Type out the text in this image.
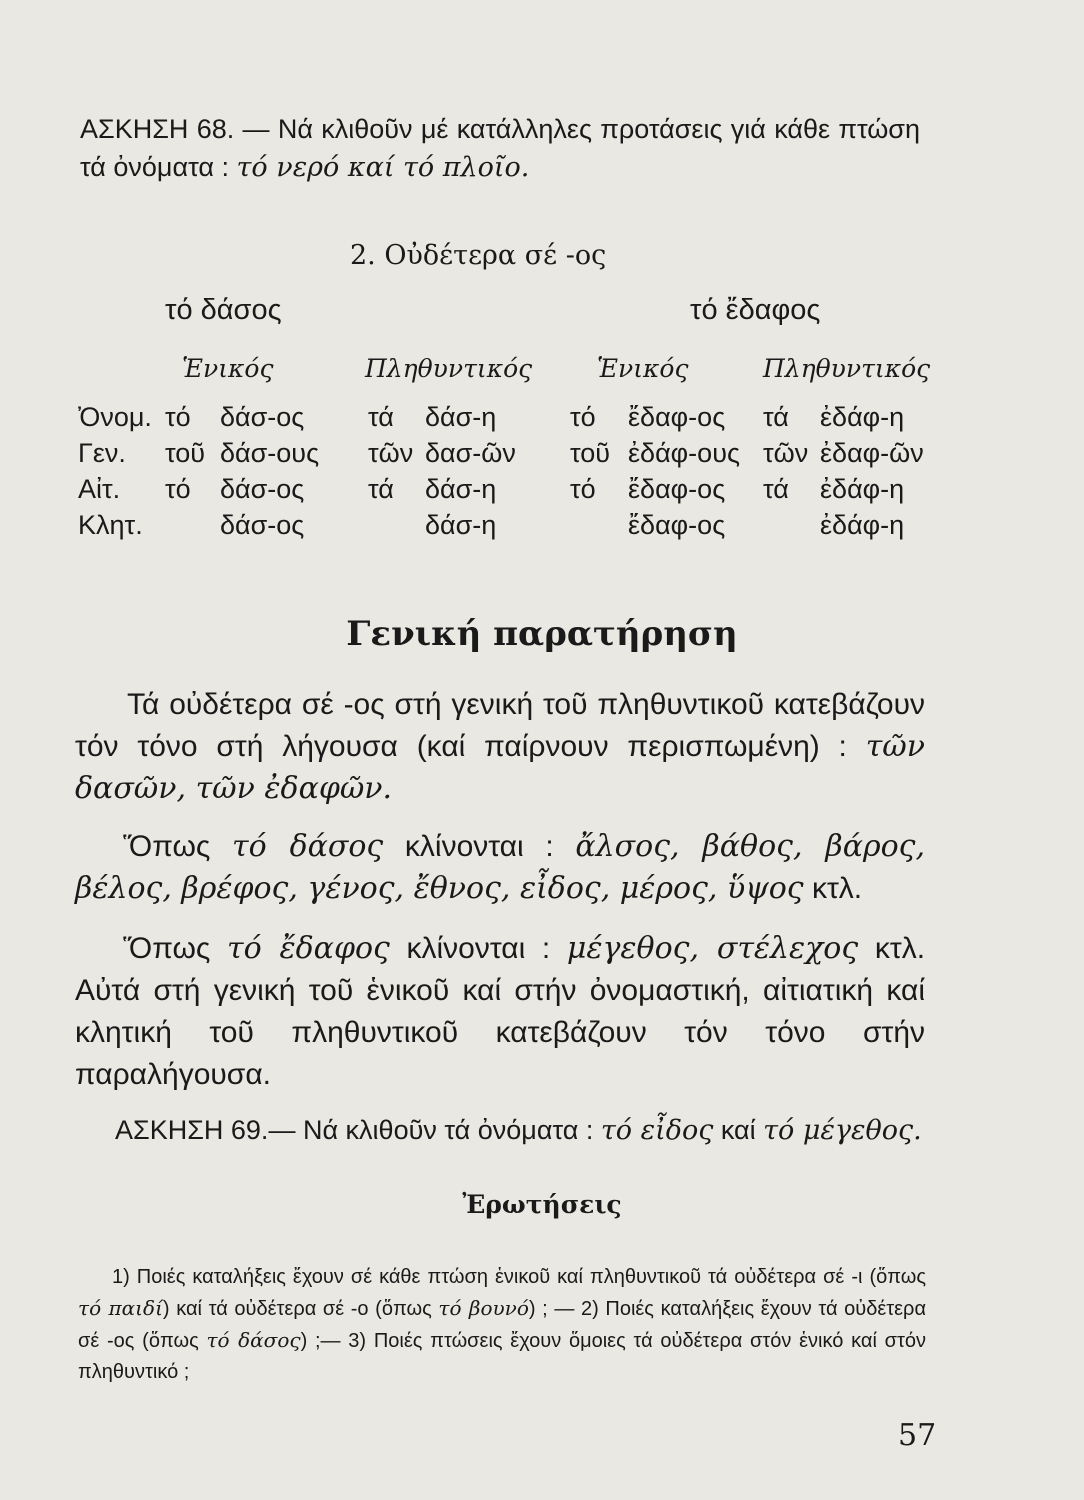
ΑΣΚΗΣΗ 68. — Νά κλιθοῦν μέ κατάλληλες προτάσεις γιά κάθε πτώση τά ὀνόματα : τό νερό καί τό πλοῖο.
2. Οὐδέτερα σέ -ος
τό δάσος	τό ἔδαφος
Ἑνικός	Πληθυντικός	Ἑνικός	Πληθυντικός
Ὀνομ. τό δάσ-ος τά δάσ-η	τό ἔδαφ-ος τά ἐδάφ-η
Γεν. τοῦ δάσ-ους τῶν δασ-ῶν τοῦ ἐδάφ-ους τῶν ἐδαφ-ῶν
Αἰτ. τό δάσ-ος τά δάσ-η	τό ἔδαφ-ος τά ἐδάφ-η
Κλητ.	δάσ-ος	δάσ-η	ἔδαφ-ος	ἐδάφ-η
Γενική παρατήρηση
Τά οὐδέτερα σέ -ος στή γενική τοῦ πληθυντικοῦ κατεβάζουν τόν τόνο στή λήγουσα (καί παίρνουν περισπωμένη) : τῶν δασῶν, τῶν ἐδαφῶν.
Ὅπως τό δάσος κλίνονται : ἄλσος, βάθος, βάρος, βέλος, βρέφος, γένος, ἔθνος, εἶδος, μέρος, ὕψος κτλ.
Ὅπως τό ἔδαφος κλίνονται : μέγεθος, στέλεχος κτλ. Αὐτά στή γενική τοῦ ἑνικοῦ καί στήν ὀνομαστική, αἰτιατική καί κλητική τοῦ πληθυντικοῦ κατεβάζουν τόν τόνο στήν παραλήγουσα.
ΑΣΚΗΣΗ 69.— Νά κλιθοῦν τά ὀνόματα : τό εἶδος καί τό μέγεθος.
Ἐρωτήσεις
1) Ποιές καταλήξεις ἔχουν σέ κάθε πτώση ἑνικοῦ καί πληθυντικοῦ τά οὐδέτερα σέ -ι (ὅπως τό παιδί) καί τά οὐδέτερα σέ -ο (ὅπως τό βουνό) ; — 2) Ποιές καταλήξεις ἔχουν τά οὐδέτερα σέ -ος (ὅπως τό δάσος) ;— 3) Ποιές πτώσεις ἔχουν ὅμοιες τά οὐδέτερα στόν ἑνικό καί στόν πληθυντικό ;
57
